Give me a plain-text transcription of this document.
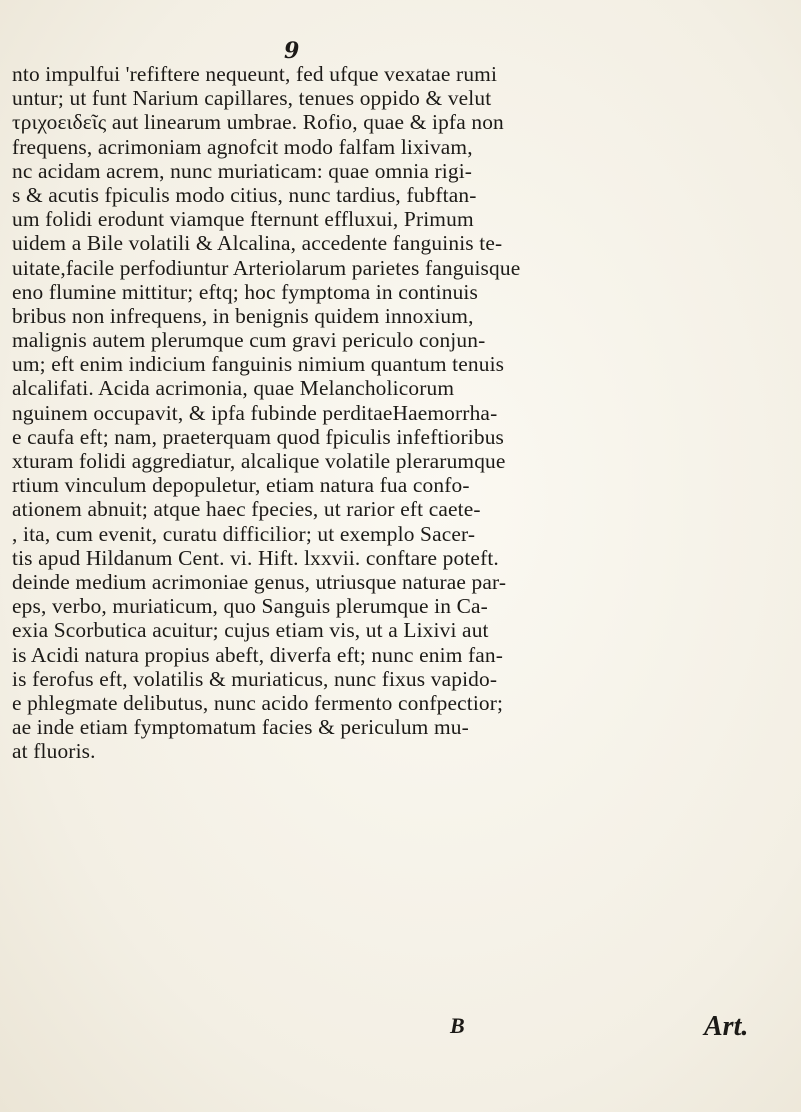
9
nto impulfui 'refiftere nequeunt, fed ufque vexatae rumi
untur; ut funt Narium capillares, tenues oppido & velut
τριχοειδεῖς aut linearum umbrae. Rofio, quae & ipfa non
frequens, acrimoniam agnofcit modo falfam lixivam,
nc acidam acrem, nunc muriaticam: quae omnia rigi-
s & acutis fpiculis modo citius, nunc tardius, fubftan-
um folidi erodunt viamque fternunt effluxui, Primum
uidem a Bile volatili & Alcalina, accedente fanguinis te-
uitate,facile perfodiuntur Arteriolarum parietes fanguisque
eno flumine mittitur; eftq; hoc fymptoma in continuis
bribus non infrequens, in benignis quidem innoxium,
malignis autem plerumque cum gravi periculo conjun-
um; eft enim indicium fanguinis nimium quantum tenuis
alcalifati. Acida acrimonia, quae Melancholicorum
nguinem occupavit, & ipfa fubinde perditaeHaemorrha-
e caufa eft; nam, praeterquam quod fpiculis infeftioribus
xturam folidi aggrediatur, alcalique volatile plerarumque
rtium vinculum depopuletur, etiam natura fua confo-
ationem abnuit; atque haec fpecies, ut rarior eft caete-
, ita, cum evenit, curatu difficilior; ut exemplo Sacer-
tis apud Hildanum Cent. vi. Hift. lxxvii. conftare poteft.
deinde medium acrimoniae genus, utriusque naturae par-
eps, verbo, muriaticum, quo Sanguis plerumque in Ca-
exia Scorbutica acuitur; cujus etiam vis, ut a Lixivi aut
is Acidi natura propius abeft, diverfa eft; nunc enim fan-
is ferofus eft, volatilis & muriaticus, nunc fixus vapido-
e phlegmate delibutus, nunc acido fermento confpectior;
ae inde etiam fymptomatum facies & periculum mu-
at fluoris.
B	Art.
